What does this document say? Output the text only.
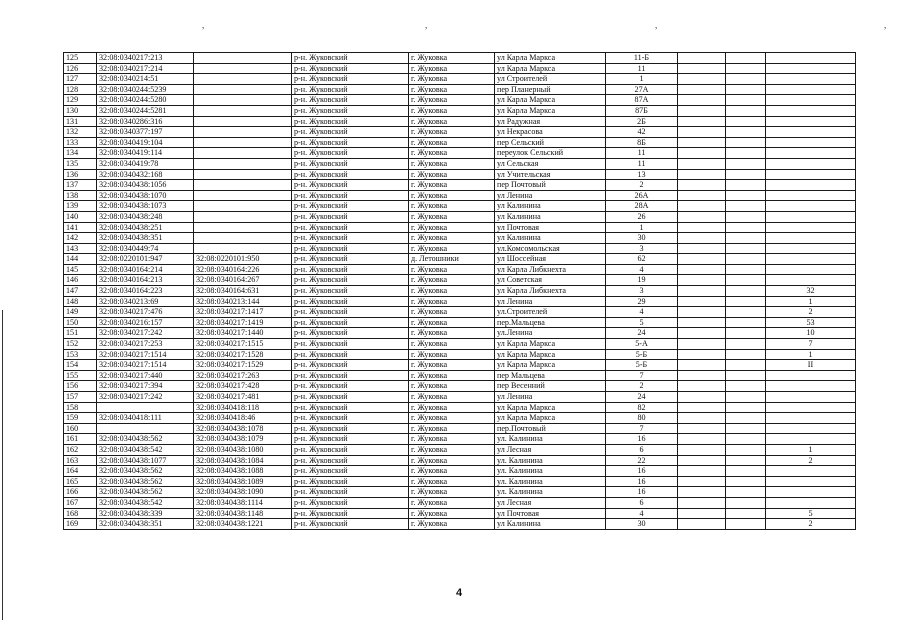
,	,	,	,
125	32:08:0340217:213		р-н. Жуковский	г. Жуковка	ул Карла Маркса	11-Б			
126	32:08:0340217:214		р-н. Жуковский	г. Жуковка	ул Карла Маркса	11			
127	32:08:0340214:51		р-н. Жуковский	г. Жуковка	ул Строителей	1			
128	32:08:0340244:5239		р-н. Жуковский	г. Жуковка	пер Планерный	27А			
129	32:08:0340244:5280		р-н. Жуковский	г. Жуковка	ул Карла Маркса	87А			
130	32:08:0340244:5281		р-н. Жуковский	г. Жуковка	ул Карла Маркса	87Б			
131	32:08:0340286:316		р-н. Жуковский	г. Жуковка	ул Радужная	2Б			
132	32:08:0340377:197		р-н. Жуковский	г. Жуковка	ул Некрасова	42			
133	32:08:0340419:104		р-н. Жуковский	г. Жуковка	пер Сельский	8Б			
134	32:08:0340419:114		р-н. Жуковский	г. Жуковка	переулок Сельский	11			
135	32:08:0340419:78		р-н. Жуковский	г. Жуковка	ул Сельская	11			
136	32:08:0340432:168		р-н. Жуковский	г. Жуковка	ул Учительская	13			
137	32:08:0340438:1056		р-н. Жуковский	г. Жуковка	пер Почтовый	2			
138	32:08:0340438:1070		р-н. Жуковский	г. Жуковка	ул Ленина	26А			
139	32:08:0340438:1073		р-н. Жуковский	г. Жуковка	ул Калинина	28А			
140	32:08:0340438:248		р-н. Жуковский	г. Жуковка	ул Калинина	26			
141	32:08:0340438:251		р-н. Жуковский	г. Жуковка	ул Почтовая	1			
142	32:08:0340438:351		р-н. Жуковский	г. Жуковка	ул Калинина	30			
143	32:08:0340449:74		р-н. Жуковский	г. Жуковка	ул.Комсомольская	3			
144	32:08:0220101:947	32:08:0220101:950	р-н. Жуковский	д. Летошники	ул Шоссейная	62			
145	32:08:0340164:214	32:08:0340164:226	р-н. Жуковский	г. Жуковка	ул Карла Либкнехта	4			
146	32:08:0340164:213	32:08:0340164:267	р-н. Жуковский	г. Жуковка	ул Советская	19			
147	32:08:0340164:223	32:08:0340164:631	р-н. Жуковский	г. Жуковка	ул Карла Либкнехта	3			32
148	32:08:0340213:69	32:08:0340213:144	р-н. Жуковский	г. Жуковка	ул Ленина	29			1
149	32:08:0340217:476	32:08:0340217:1417	р-н. Жуковский	г. Жуковка	ул.Строителей	4			2
150	32:08:0340216:157	32:08:0340217:1419	р-н. Жуковский	г. Жуковка	пер.Мальцева	5			53
151	32:08:0340217:242	32:08:0340217:1440	р-н. Жуковский	г. Жуковка	ул.Ленина	24			10
152	32:08:0340217:253	32:08:0340217:1515	р-н. Жуковский	г. Жуковка	ул Карла Маркса	5-А			7
153	32:08:0340217:1514	32:08:0340217:1528	р-н. Жуковский	г. Жуковка	ул Карла Маркса	5-Б			1
154	32:08:0340217:1514	32:08:0340217:1529	р-н. Жуковский	г. Жуковка	ул Карла Маркса	5-Б			II
155	32:08:0340217:440	32:08:0340217:263	р-н. Жуковский	г. Жуковка	пер Мальцева	7			
156	32:08:0340217:394	32:08:0340217:428	р-н. Жуковский	г. Жуковка	пер Весенний	2			
157	32:08:0340217:242	32:08:0340217:481	р-н. Жуковский	г. Жуковка	ул Ленина	24			
158		32:08:0340418:118	р-н. Жуковский	г. Жуковка	ул Карла Маркса	82			
159	32:08:0340418:111	32:08:0340418:46	р-н. Жуковский	г. Жуковка	ул Карла Маркса	80			
160		32:08:0340438:1078	р-н. Жуковский	г. Жуковка	пер.Почтовый	7			
161	32:08:0340438:562	32:08:0340438:1079	р-н. Жуковский	г. Жуковка	ул. Калинина	16			
162	32:08:0340438:542	32:08:0340438:1080	р-н. Жуковский	г. Жуковка	ул Лесная	6			1
163	32:08:0340438:1077	32:08:0340438:1084	р-н. Жуковский	г. Жуковка	ул. Калинина	22			2
164	32:08:0340438:562	32:08:0340438:1088	р-н. Жуковский	г. Жуковка	ул. Калинина	16			
165	32:08:0340438:562	32:08:0340438:1089	р-н. Жуковский	г. Жуковка	ул. Калинина	16			
166	32:08:0340438:562	32:08:0340438:1090	р-н. Жуковский	г. Жуковка	ул. Калинина	16			
167	32:08:0340438:542	32:08:0340438:1114	р-н. Жуковский	г. Жуковка	ул Лесная	6			
168	32:08:0340438:339	32:08:0340438:1148	р-н. Жуковский	г. Жуковка	ул Почтовая	4			5
169	32:08:0340438:351	32:08:0340438:1221	р-н. Жуковский	г. Жуковка	ул Калинина	30			2
4
